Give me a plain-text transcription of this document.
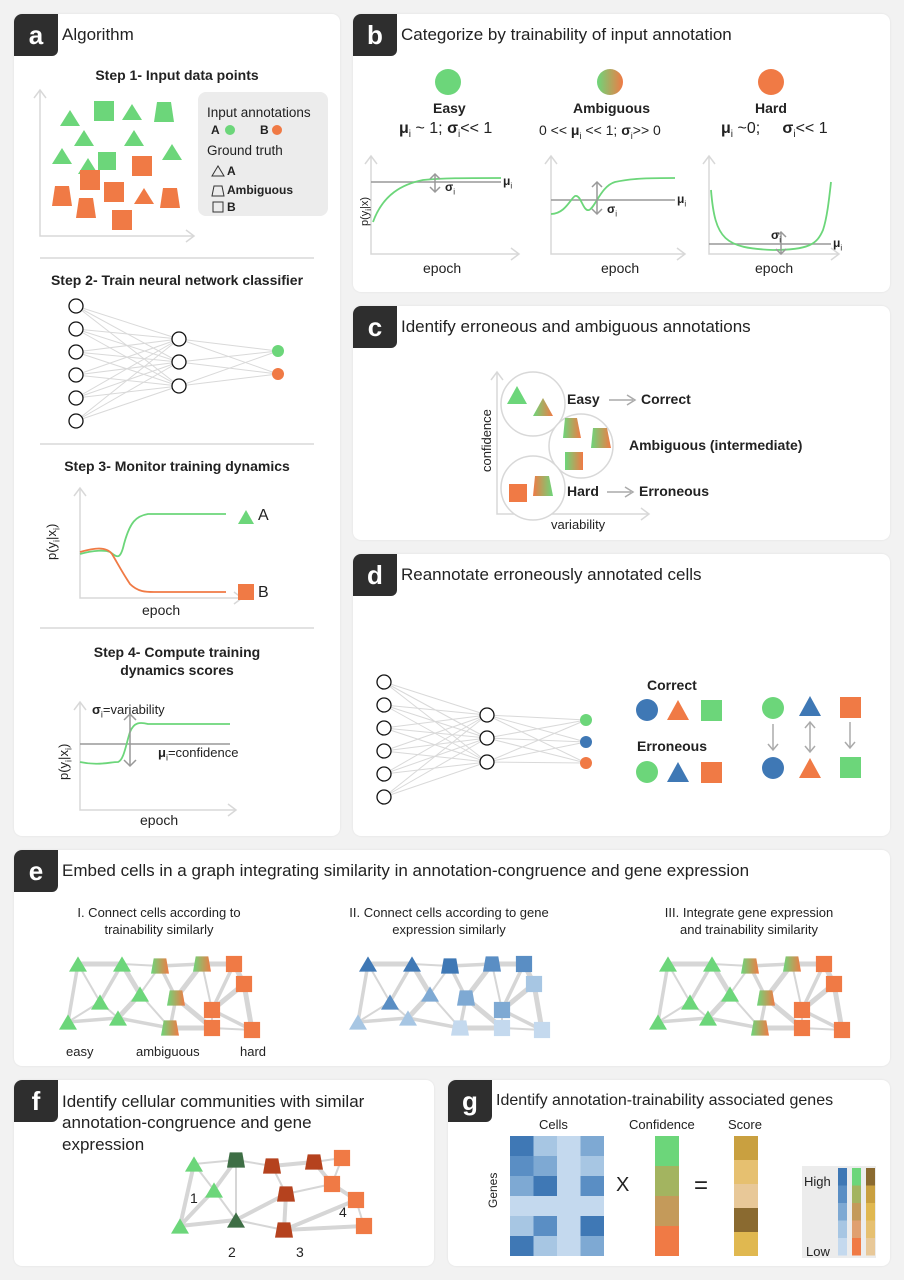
a	Algorithm
Step 1- Input data points
Input annotations
A	B
Ground truth
A
Ambiguous
B
Step 2- Train neural network classifier
Step 3- Monitor training dynamics
$p(y_i|x_i)$
A
B
epoch
Step 4- Compute training
dynamics scores
$\sigma_i=variability$
$\mu_i=confidence$
$p(y_i|x_i)$
epoch
b	Categorize by trainability of input annotation
Easy	Ambiguous	Hard
$\mu_i$ ~ 1; $\sigma_i<< 1$	$0 << \mu_i << 1$; $\sigma_i>> 0$	$\mu_i$ ~0;     $\sigma_i<< 1$
$p(y_i|x)$
$\mu_i$
$\sigma_i$
$\mu_i$
$\sigma_i$
$\mu_i$
$\sigma_i$
epoch	epoch	epoch
c	Identify erroneous and ambiguous annotations
Easy	Correct
Ambiguous (intermediate)
Hard	Erroneous
confidence
variability
d	Reannotate erroneously annotated cells
Correct
Erroneous
e	Embed cells in a graph integrating similarity in annotation-congruence and gene expression
I. Connect cells according to
trainability similarly
II. Connect cells according to gene
expression similarly
III. Integrate gene expression
and trainability similarity
easy	ambiguous	hard
f	Identify cellular communities with similar
annotation-congruence and gene
expression
1
2	3
4
g	Identify annotation-trainability associated genes
Cells	Confidence	Score
Genes	X	=	High
Low
